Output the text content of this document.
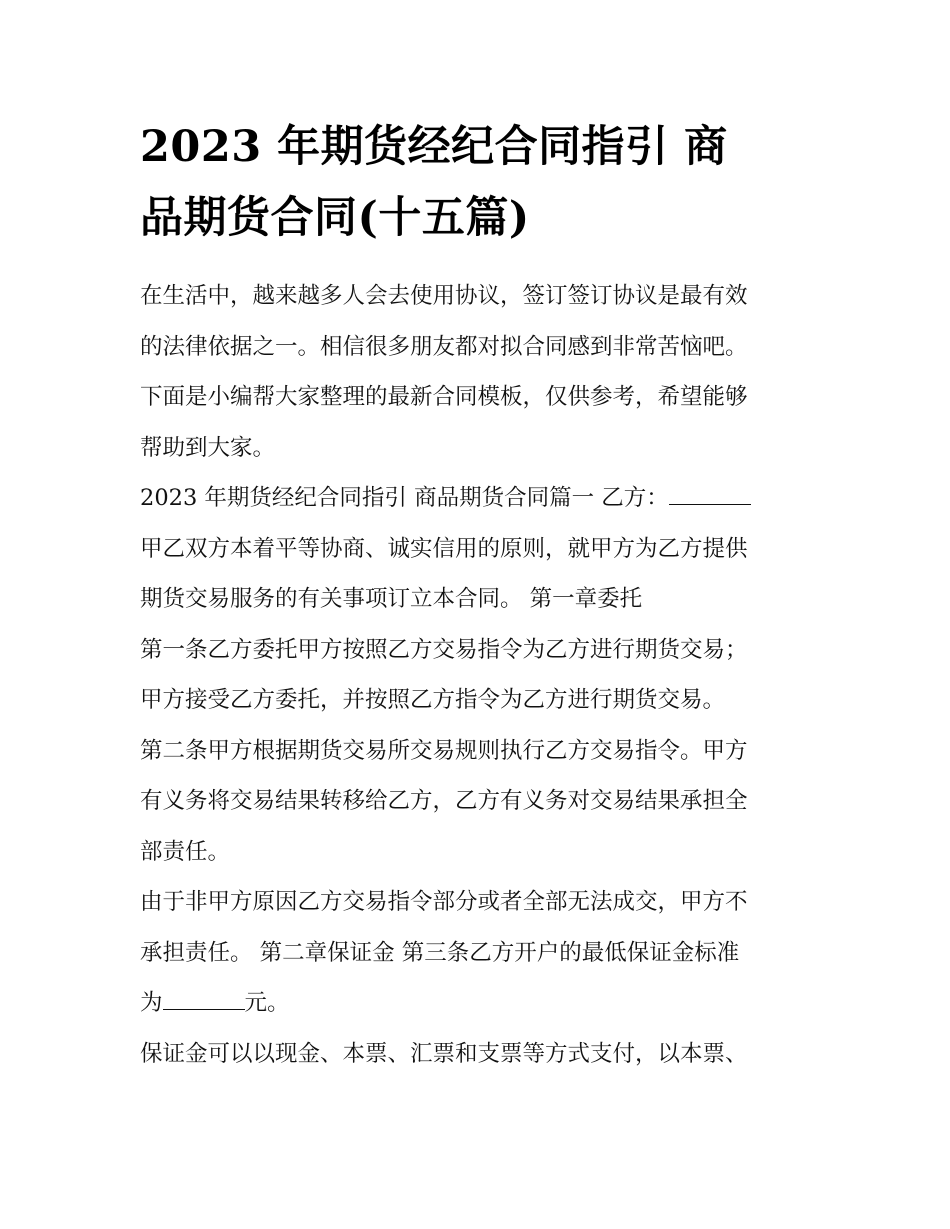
2023 年期货经纪合同指引 商
品期货合同(十五篇)

在生活中，越来越多人会去使用协议，签订签订协议是最有效
的法律依据之一。相信很多朋友都对拟合同感到非常苦恼吧。
下面是小编帮大家整理的最新合同模板，仅供参考，希望能够
帮助到大家。

2023 年期货经纪合同指引 商品期货合同篇一 乙方：

甲乙双方本着平等协商、诚实信用的原则，就甲方为乙方提供
期货交易服务的有关事项订立本合同。 第一章委托

第一条乙方委托甲方按照乙方交易指令为乙方进行期货交易；
甲方接受乙方委托，并按照乙方指令为乙方进行期货交易。

第二条甲方根据期货交易所交易规则执行乙方交易指令。甲方
有义务将交易结果转移给乙方，乙方有义务对交易结果承担全
部责任。

由于非甲方原因乙方交易指令部分或者全部无法成交，甲方不
承担责任。 第二章保证金 第三条乙方开户的最低保证金标准
为	元。

保证金可以以现金、本票、汇票和支票等方式支付，以本票、
